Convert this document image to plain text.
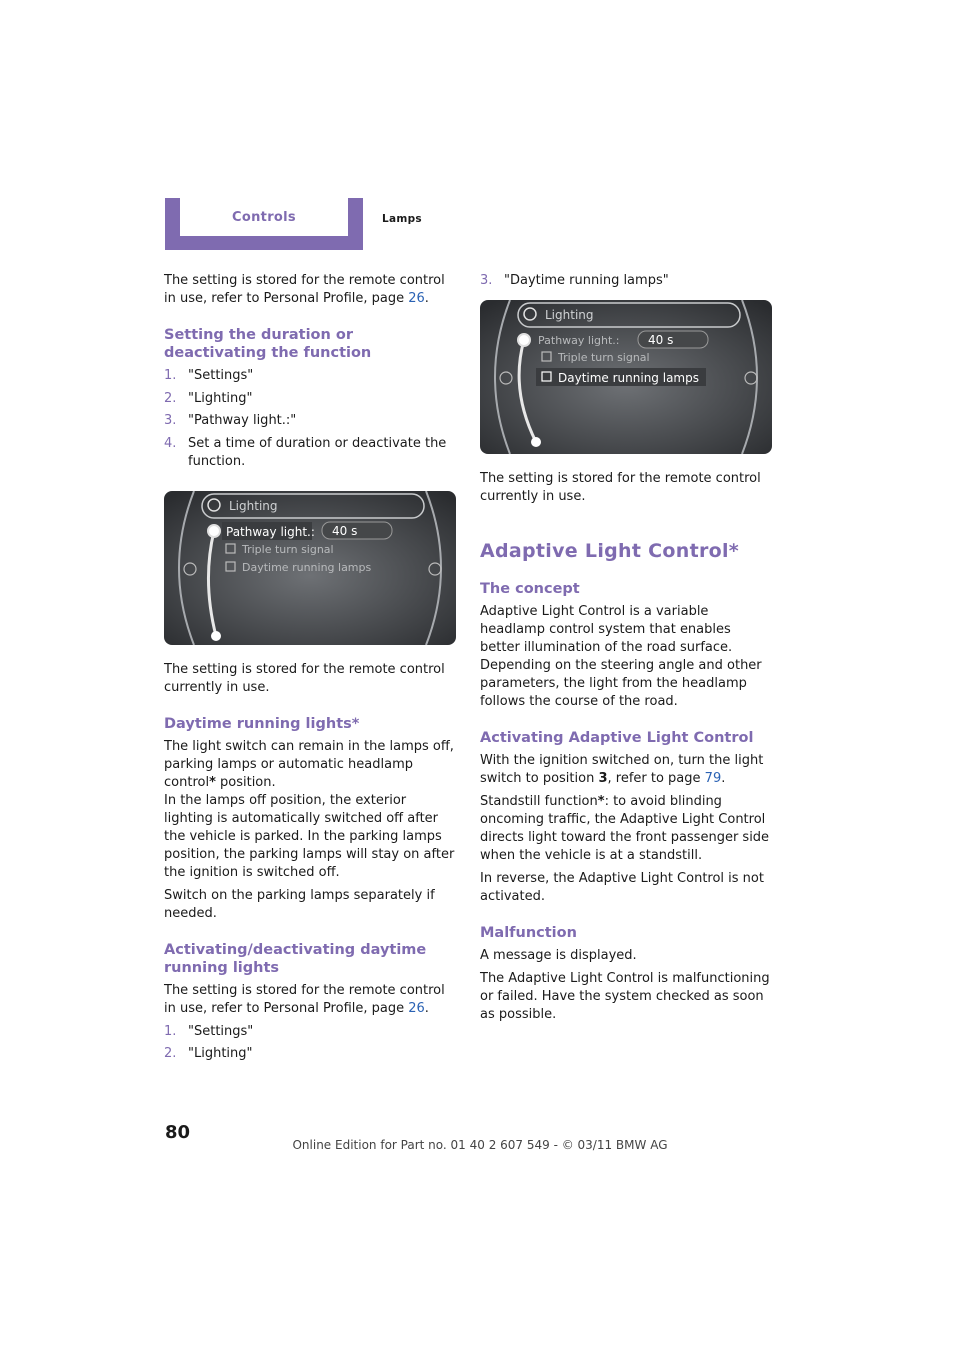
Controls	Lamps

The setting is stored for the remote control in use, refer to Personal Profile, page 26.

Setting the duration or deactivating the function
1. "Settings"
2. "Lighting"
3. "Pathway light.:"
4. Set a time of duration or deactivate the function.
Lighting
Pathway light.: 40 s
Triple turn signal
Daytime running lamps

The setting is stored for the remote control currently in use.

Daytime running lights*

The light switch can remain in the lamps off, parking lamps or automatic headlamp control* position.

In the lamps off position, the exterior lighting is automatically switched off after the vehicle is parked. In the parking lamps position, the parking lamps will stay on after the ignition is switched off.

Switch on the parking lamps separately if needed.

Activating/deactivating daytime running lights

The setting is stored for the remote control in use, refer to Personal Profile, page 26.

1. "Settings"
2. "Lighting"
3. "Daytime running lamps"
Lighting
Pathway light.: 40 s
Triple turn signal
Daytime running lamps

The setting is stored for the remote control currently in use.

Adaptive Light Control*
The concept

Adaptive Light Control is a variable headlamp control system that enables better illumination of the road surface. Depending on the steering angle and other parameters, the light from the headlamp follows the course of the road.

Activating Adaptive Light Control

With the ignition switched on, turn the light switch to position 3, refer to page 79.

Standstill function*: to avoid blinding oncoming traffic, the Adaptive Light Control directs light toward the front passenger side when the vehicle is at a standstill.

In reverse, the Adaptive Light Control is not activated.

Malfunction

A message is displayed.

The Adaptive Light Control is malfunctioning or failed. Have the system checked as soon as possible.

80
Online Edition for Part no. 01 40 2 607 549 - © 03/11 BMW AG
